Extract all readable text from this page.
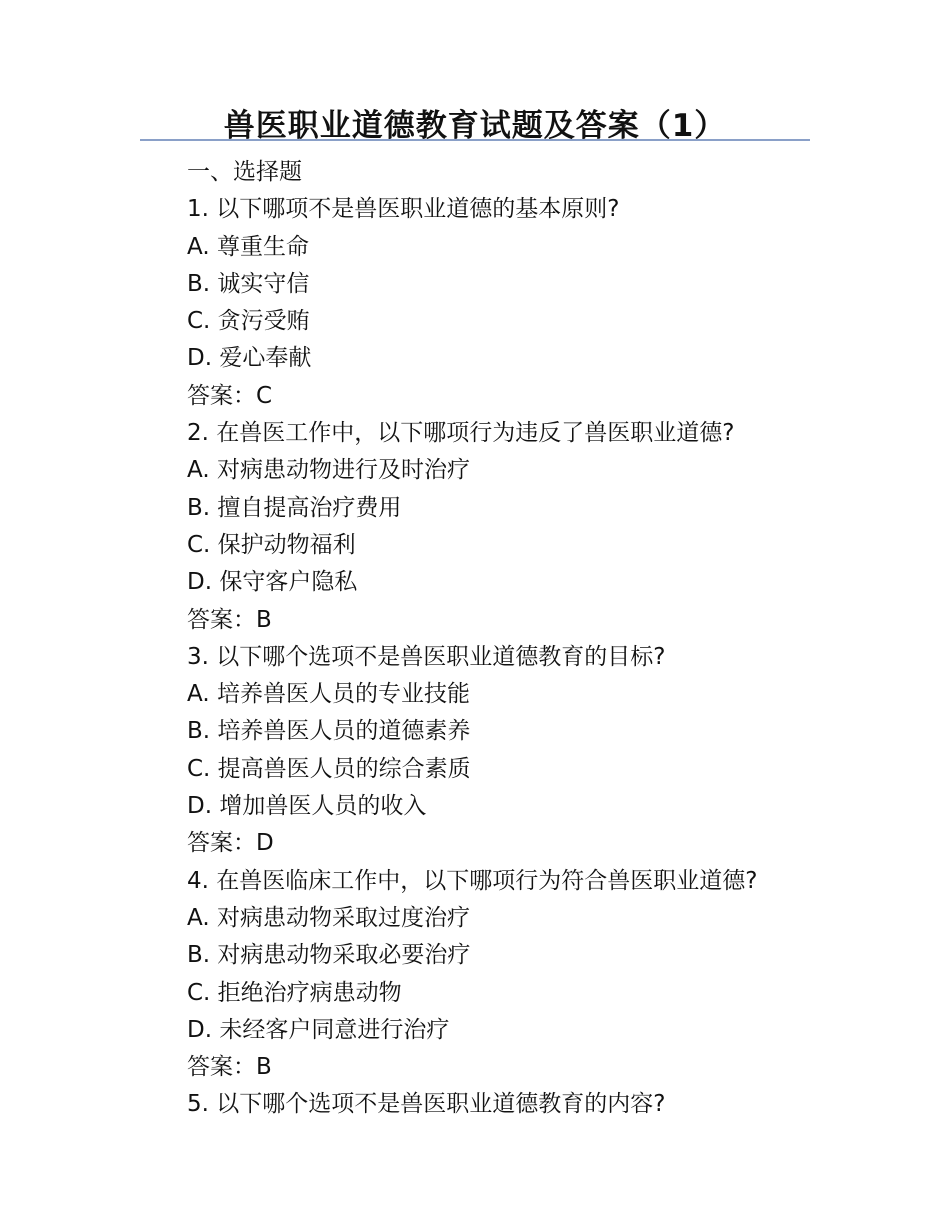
兽医职业道德教育试题及答案（1）
一、选择题
1. 以下哪项不是兽医职业道德的基本原则?
A. 尊重生命
B. 诚实守信
C. 贪污受贿
D. 爱心奉献
答案：C
2. 在兽医工作中，以下哪项行为违反了兽医职业道德?
A. 对病患动物进行及时治疗
B. 擅自提高治疗费用
C. 保护动物福利
D. 保守客户隐私
答案：B
3. 以下哪个选项不是兽医职业道德教育的目标?
A. 培养兽医人员的专业技能
B. 培养兽医人员的道德素养
C. 提高兽医人员的综合素质
D. 增加兽医人员的收入
答案：D
4. 在兽医临床工作中，以下哪项行为符合兽医职业道德?
A. 对病患动物采取过度治疗
B. 对病患动物采取必要治疗
C. 拒绝治疗病患动物
D. 未经客户同意进行治疗
答案：B
5. 以下哪个选项不是兽医职业道德教育的内容?
